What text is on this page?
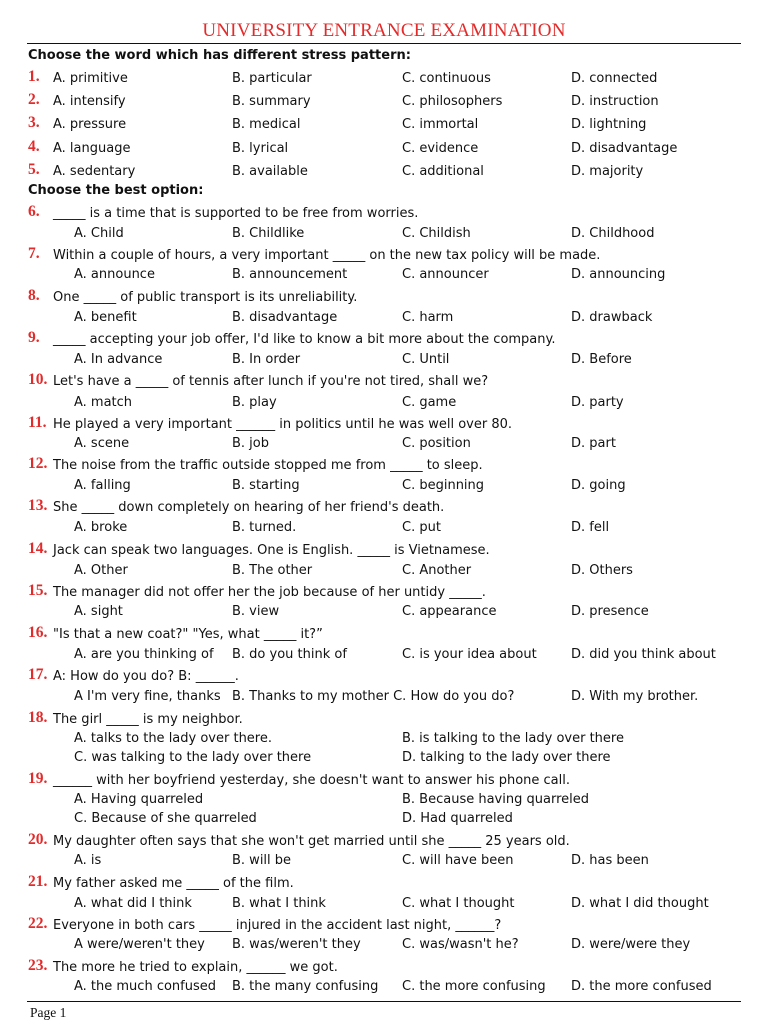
UNIVERSITY ENTRANCE EXAMINATION
Choose the word which has different stress pattern:
1. A. primitive	B. particular	C. continuous	D. connected
2. A. intensify	B. summary	C. philosophers	D. instruction
3. A. pressure	B. medical	C. immortal	D. lightning
4. A. language	B. lyrical	C. evidence	D. disadvantage
5. A. sedentary	B. available	C. additional	D. majority
Choose the best option:
6. _____ is a time that is supported to be free from worries.
A. Child	B. Childlike	C. Childish	D. Childhood
7. Within a couple of hours, a very important _____ on the new tax policy will be made.
A. announce	B. announcement	C. announcer	D. announcing
8. One _____ of public transport is its unreliability.
A. benefit	B. disadvantage	C. harm	D. drawback
9. _____ accepting your job offer, I'd like to know a bit more about the company.
A. In advance	B. In order	C. Until	D. Before
10. Let's have a _____ of tennis after lunch if you're not tired, shall we?
A. match	B. play	C. game	D. party
11. He played a very important ______ in politics until he was well over 80.
A. scene	B. job	C. position	D. part
12. The noise from the traffic outside stopped me from _____ to sleep.
A. falling	B. starting	C. beginning	D. going
13. She _____ down completely on hearing of her friend's death.
A. broke	B. turned.	C. put	D. fell
14. Jack can speak two languages. One is English. _____ is Vietnamese.
A. Other	B. The other	C. Another	D. Others
15. The manager did not offer her the job because of her untidy _____.
A. sight	B. view	C. appearance	D. presence
16. "Is that a new coat?" "Yes, what _____ it?”
A. are you thinking of B. do you think of	C. is your idea about	D. did you think about
17. A: How do you do? B: ______.
A I'm very fine, thanks B. Thanks to my mother C. How do you do?	D. With my brother.
18. The girl _____ is my neighbor.
A. talks to the lady over there.	B. is talking to the lady over there
C. was talking to the lady over there	D. talking to the lady over there
19. ______ with her boyfriend yesterday, she doesn't want to answer his phone call.
A. Having quarreled	B. Because having quarreled
C. Because of she quarreled	D. Had quarreled
20. My daughter often says that she won't get married until she _____ 25 years old.
A. is	B. will be	C. will have been	D. has been
21. My father asked me _____ of the film.
A. what did I think	B. what I think	C. what I thought	D. what I did thought
22. Everyone in both cars _____ injured in the accident last night, ______?
A were/weren't they B. was/weren't they	C. was/wasn't he?	D. were/were they
23. The more he tried to explain, ______ we got.
A. the much confused B. the many confusing C. the more confusing D. the more confused
Page 1
